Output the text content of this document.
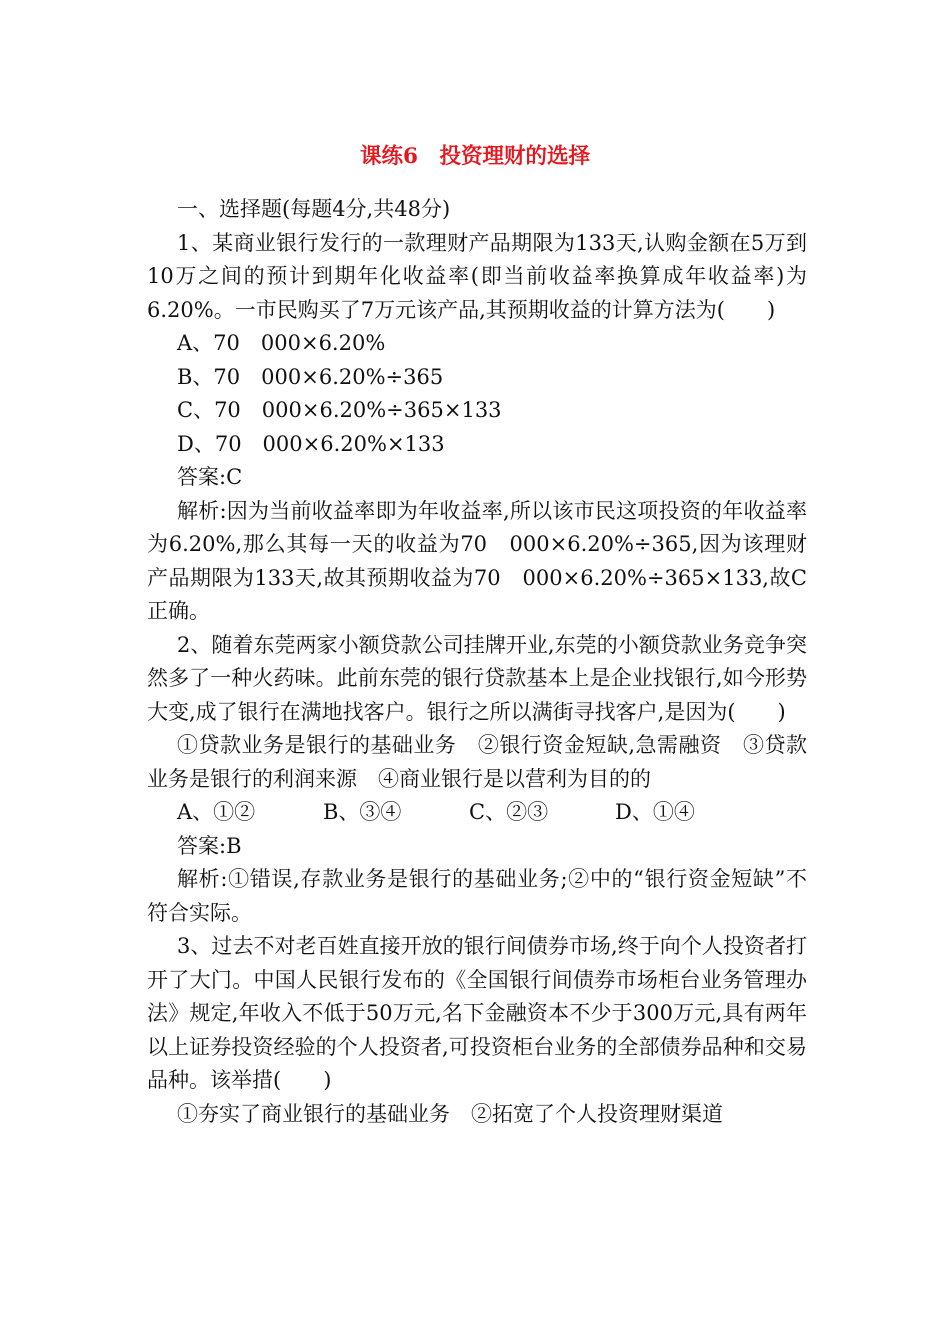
课练6　投资理财的选择

一、选择题(每题4分,共48分)

1、某商业银行发行的一款理财产品期限为133天,认购金额在5万到10万之间的预计到期年化收益率(即当前收益率换算成年收益率)为6.20%。一市民购买了7万元该产品,其预期收益的计算方法为(　　)

A、70　000×6.20%

B、70　000×6.20%÷365

C、70　000×6.20%÷365×133

D、70　000×6.20%×133

答案:C

解析:因为当前收益率即为年收益率,所以该市民这项投资的年收益率为6.20%,那么其每一天的收益为70　000×6.20%÷365,因为该理财产品期限为133天,故其预期收益为70　000×6.20%÷365×133,故C正确。

2、随着东莞两家小额贷款公司挂牌开业,东莞的小额贷款业务竞争突然多了一种火药味。此前东莞的银行贷款基本上是企业找银行,如今形势大变,成了银行在满地找客户。银行之所以满街寻找客户,是因为(　　)

①贷款业务是银行的基础业务　②银行资金短缺,急需融资　③贷款业务是银行的利润来源　④商业银行是以营利为目的的

A、①②	B、③④	C、②③	D、①④

答案:B

解析:①错误,存款业务是银行的基础业务;②中的“银行资金短缺”不符合实际。

3、过去不对老百姓直接开放的银行间债券市场,终于向个人投资者打开了大门。中国人民银行发布的《全国银行间债券市场柜台业务管理办法》规定,年收入不低于50万元,名下金融资本不少于300万元,具有两年以上证券投资经验的个人投资者,可投资柜台业务的全部债券品种和交易品种。该举措(　　)

①夯实了商业银行的基础业务　②拓宽了个人投资理财渠道
